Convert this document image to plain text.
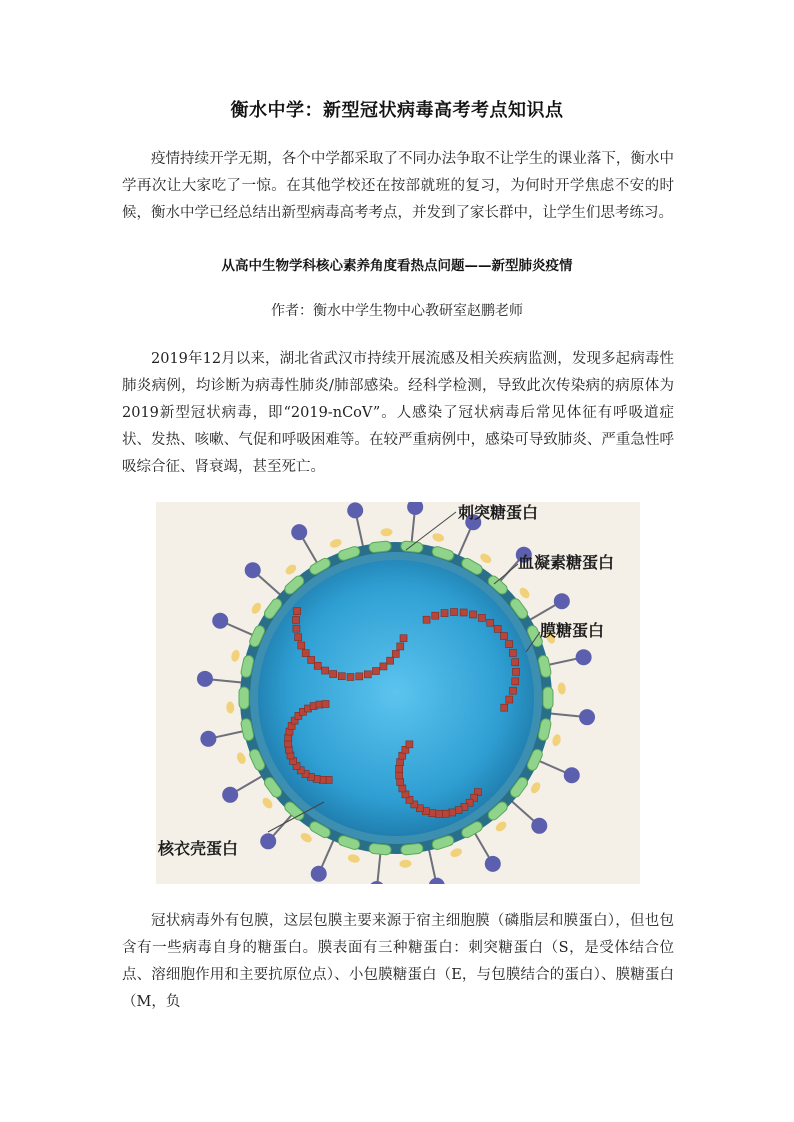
衡水中学：新型冠状病毒高考考点知识点

疫情持续开学无期，各个中学都采取了不同办法争取不让学生的课业落下，衡水中学再次让大家吃了一惊。在其他学校还在按部就班的复习，为何时开学焦虑不安的时候，衡水中学已经总结出新型病毒高考考点，并发到了家长群中，让学生们思考练习。

从高中生物学科核心素养角度看热点问题——新型肺炎疫情
作者：衡水中学生物中心教研室赵鹏老师

2019年12月以来，湖北省武汉市持续开展流感及相关疾病监测，发现多起病毒性肺炎病例，均诊断为病毒性肺炎/肺部感染。经科学检测，导致此次传染病的病原体为2019新型冠状病毒，即“2019-nCoV”。人感染了冠状病毒后常见体征有呼吸道症状、发热、咳嗽、气促和呼吸困难等。在较严重病例中，感染可导致肺炎、严重急性呼吸综合征、肾衰竭，甚至死亡。

刺突糖蛋白
血凝素糖蛋白
膜糖蛋白
核衣壳蛋白

冠状病毒外有包膜，这层包膜主要来源于宿主细胞膜（磷脂层和膜蛋白），但也包含有一些病毒自身的糖蛋白。膜表面有三种糖蛋白：刺突糖蛋白（S，是受体结合位点、溶细胞作用和主要抗原位点）、小包膜糖蛋白（E，与包膜结合的蛋白）、膜糖蛋白（M，负
